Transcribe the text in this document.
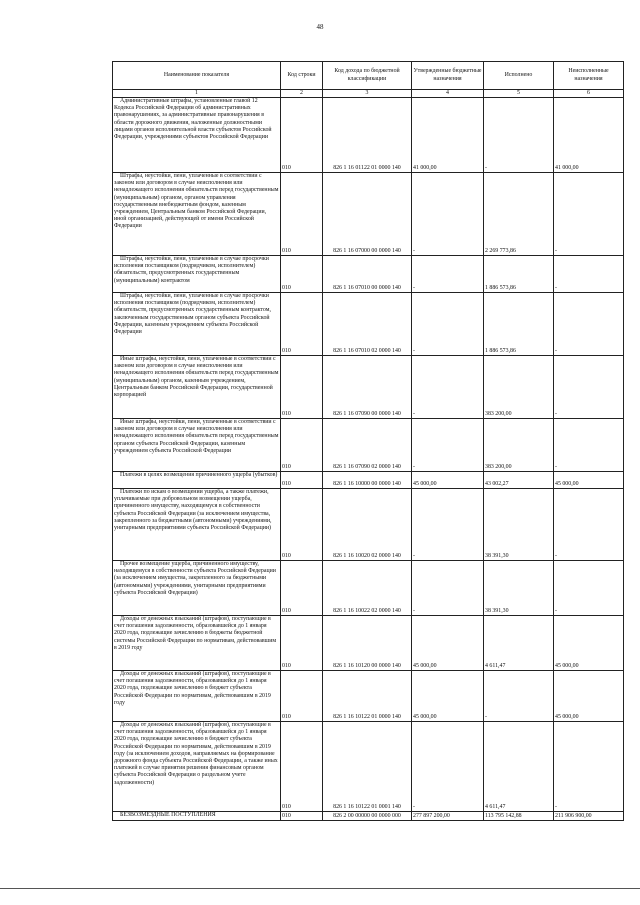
48
Наименование показателя	Код строки	Код дохода по бюджетной классификации	Утвержденные бюджетные назначения	Исполнено	Неисполненные назначения
1	2	3	4	5	6

Административные штрафы, установленные главой 12 Кодекса Российской Федерации об административных правонарушениях, за административные правонарушения в области дорожного движения, наложенные должностными лицами органов исполнительной власти субъектов Российской Федерации, учреждениями субъектов Российской Федерации	010	826 1 16 01122 01 0000 140	41 000,00	-	41 000,00

Штрафы, неустойки, пени, уплаченные в соответствии с законом или договором в случае неисполнения или ненадлежащего исполнения обязательств перед государственным (муниципальным) органом, органом управления государственным внебюджетным фондом, казенным учреждением, Центральным банком Российской Федерации, иной организацией, действующей от имени Российской Федерации	010	826 1 16 07000 00 0000 140	-	2 269 773,86	-

Штрафы, неустойки, пени, уплаченные в случае просрочки исполнения поставщиком (подрядчиком, исполнителем) обязательств, предусмотренных государственным (муниципальным) контрактом	010	826 1 16 07010 00 0000 140	-	1 886 573,86	-

Штрафы, неустойки, пени, уплаченные в случае просрочки исполнения поставщиком (подрядчиком, исполнителем) обязательств, предусмотренных государственным контрактом, заключенным государственным органом субъекта Российской Федерации, казенным учреждением субъекта Российской Федерации	010	826 1 16 07010 02 0000 140	-	1 886 573,86	-

Иные штрафы, неустойки, пени, уплаченные в соответствии с законом или договором в случае неисполнения или ненадлежащего исполнения обязательств перед государственным (муниципальным) органом, казенным учреждением, Центральным банком Российской Федерации, государственной корпорацией	010	826 1 16 07090 00 0000 140	-	383 200,00	-

Иные штрафы, неустойки, пени, уплаченные в соответствии с законом или договором в случае неисполнения или ненадлежащего исполнения обязательств перед государственным органом субъекта Российской Федерации, казенным учреждением субъекта Российской Федерации	010	826 1 16 07090 02 0000 140	-	383 200,00	-

Платежи в целях возмещения причиненного ущерба (убытков)	010	826 1 16 10000 00 0000 140	45 000,00	43 002,27	45 000,00

Платежи по искам о возмещении ущерба, а также платежи, уплачиваемые при добровольном возмещении ущерба, причиненного имуществу, находящемуся в собственности субъекта Российской Федерации (за исключением имущества, закрепленного за бюджетными (автономными) учреждениями, унитарными предприятиями субъекта Российской Федерации)	010	826 1 16 10020 02 0000 140	-	38 391,30	-

Прочее возмещение ущерба, причиненного имуществу, находящемуся в собственности субъекта Российской Федерации (за исключением имущества, закрепленного за бюджетными (автономными) учреждениями, унитарными предприятиями субъекта Российской Федерации)	010	826 1 16 10022 02 0000 140	-	38 391,30	-

Доходы от денежных взысканий (штрафов), поступающие в счет погашения задолженности, образовавшейся до 1 января 2020 года, подлежащие зачислению в бюджеты бюджетной системы Российской Федерации по нормативам, действовавшим в 2019 году	010	826 1 16 10120 00 0000 140	45 000,00	4 611,47	45 000,00

Доходы от денежных взысканий (штрафов), поступающие в счет погашения задолженности, образовавшейся до 1 января 2020 года, подлежащие зачислению в бюджет субъекта Российской Федерации по нормативам, действовавшим в 2019 году	010	826 1 16 10122 01 0000 140	45 000,00	-	45 000,00

Доходы от денежных взысканий (штрафов), поступающие в счет погашения задолженности, образовавшейся до 1 января 2020 года, подлежащие зачислению в бюджет субъекта Российской Федерации по нормативам, действовавшим в 2019 году (за исключением доходов, направляемых на формирование дорожного фонда субъекта Российской Федерации, а также иных платежей в случае принятия решения финансовым органом субъекта Российской Федерации о раздельном учете задолженности)	010	826 1 16 10122 01 0001 140	-	4 611,47	-

БЕЗВОЗМЕЗДНЫЕ ПОСТУПЛЕНИЯ	010	826 2 00 00000 00 0000 000	277 897 200,00	113 795 142,88	211 906 900,00
